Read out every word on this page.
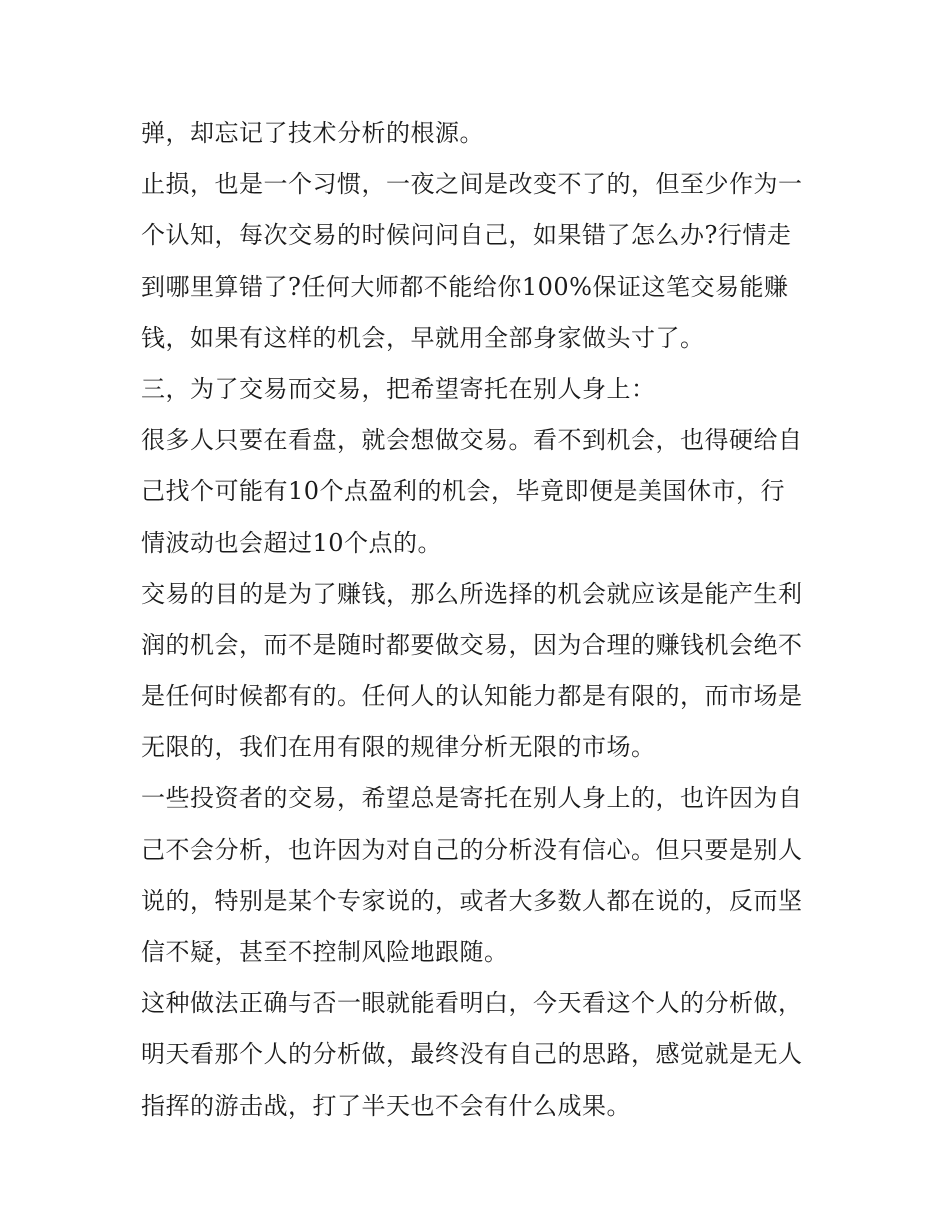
弹，却忘记了技术分析的根源。
止损，也是一个习惯，一夜之间是改变不了的，但至少作为一
个认知，每次交易的时候问问自己，如果错了怎么办?行情走
到哪里算错了?任何大师都不能给你100%保证这笔交易能赚
钱，如果有这样的机会，早就用全部身家做头寸了。
三，为了交易而交易，把希望寄托在别人身上：
很多人只要在看盘，就会想做交易。看不到机会，也得硬给自
己找个可能有10个点盈利的机会，毕竟即便是美国休市，行
情波动也会超过10个点的。
交易的目的是为了赚钱，那么所选择的机会就应该是能产生利
润的机会，而不是随时都要做交易，因为合理的赚钱机会绝不
是任何时候都有的。任何人的认知能力都是有限的，而市场是
无限的，我们在用有限的规律分析无限的市场。
一些投资者的交易，希望总是寄托在别人身上的，也许因为自
己不会分析，也许因为对自己的分析没有信心。但只要是别人
说的，特别是某个专家说的，或者大多数人都在说的，反而坚
信不疑，甚至不控制风险地跟随。
这种做法正确与否一眼就能看明白，今天看这个人的分析做，
明天看那个人的分析做，最终没有自己的思路，感觉就是无人
指挥的游击战，打了半天也不会有什么成果。
